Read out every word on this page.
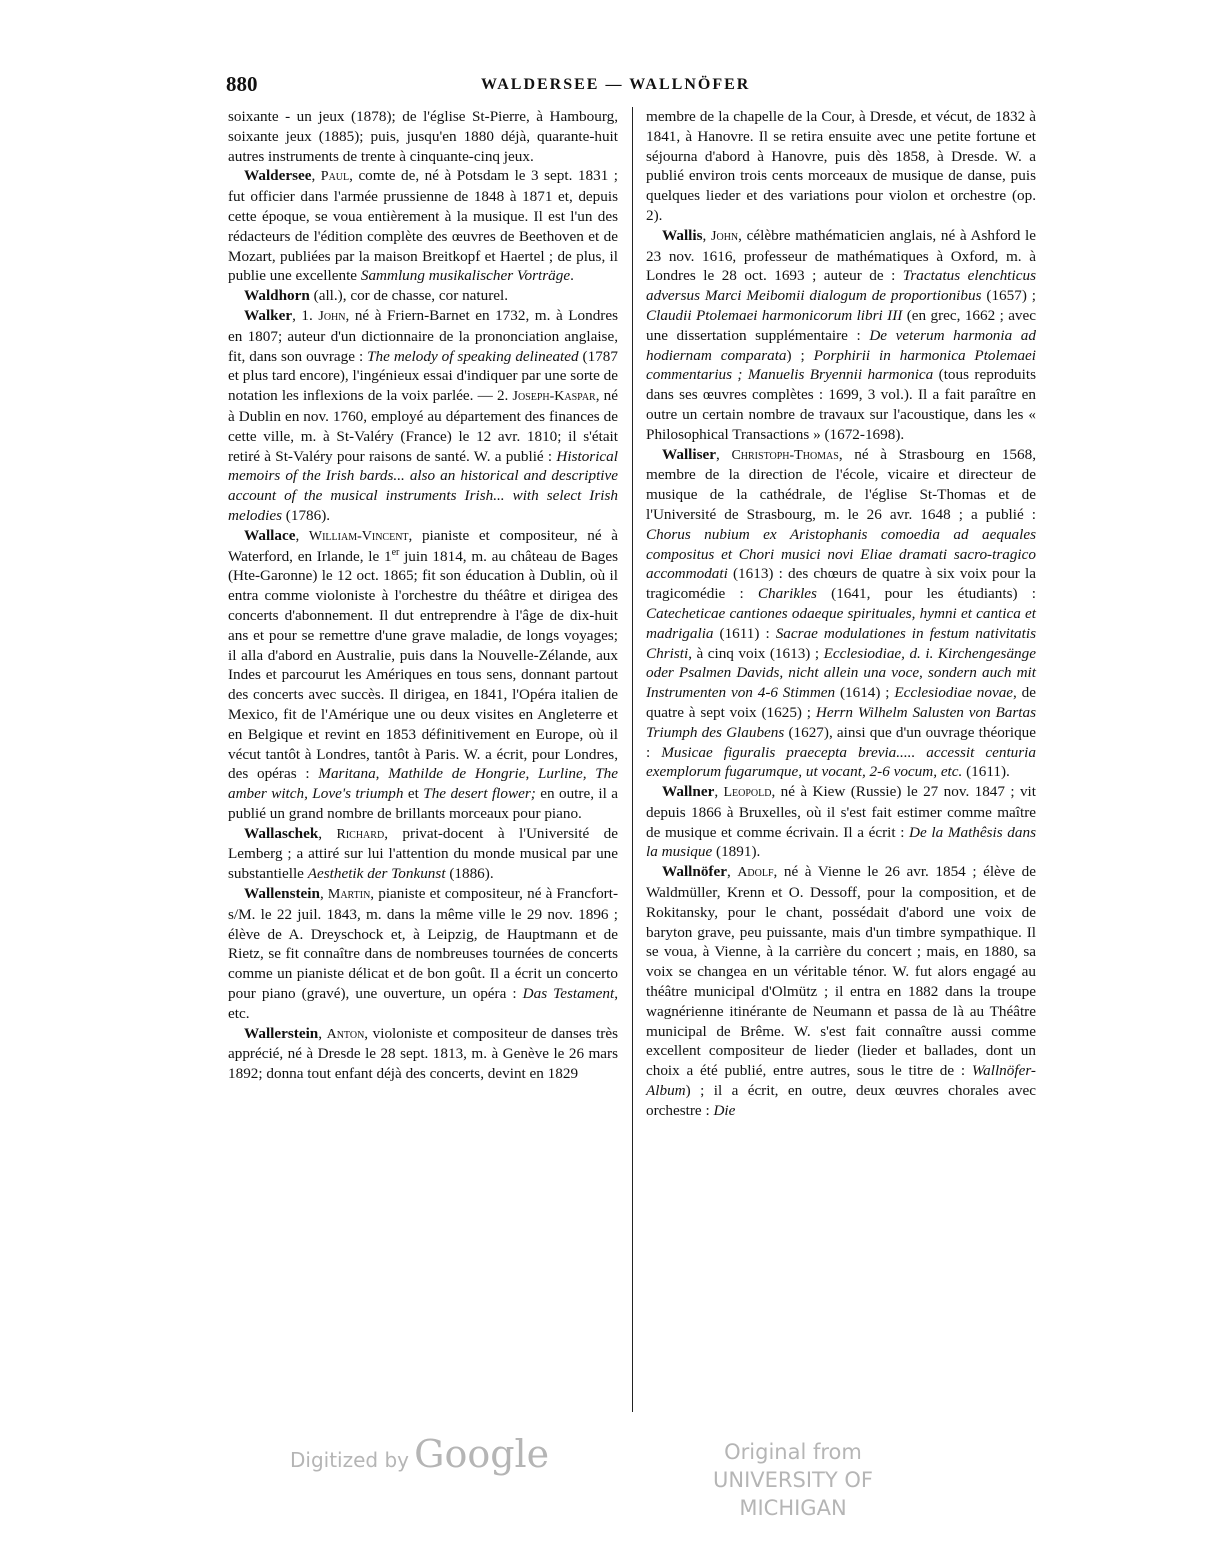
880	WALDERSEE — WALLNÖFER

soixante - un jeux (1878); de l'église St-Pierre, à Hambourg, soixante jeux (1885); puis, jusqu'en 1880 déjà, quarante-huit autres instruments de trente à cinquante-cinq jeux.

Waldersee, Paul, comte de, né à Potsdam le 3 sept. 1831 ; fut officier dans l'armée prussienne de 1848 à 1871 et, depuis cette époque, se voua entièrement à la musique. Il est l'un des rédacteurs de l'édition complète des œuvres de Beethoven et de Mozart, publiées par la maison Breitkopf et Haertel ; de plus, il publie une excellente Sammlung musikalischer Vorträge.

Waldhorn (all.), cor de chasse, cor naturel.

Walker, 1. John, né à Friern-Barnet en 1732, m. à Londres en 1807; auteur d'un dictionnaire de la prononciation anglaise, fit, dans son ouvrage : The melody of speaking delineated (1787 et plus tard encore), l'ingénieux essai d'indiquer par une sorte de notation les inflexions de la voix parlée. — 2. Joseph-Kaspar, né à Dublin en nov. 1760, employé au département des finances de cette ville, m. à St-Valéry (France) le 12 avr. 1810; il s'était retiré à St-Valéry pour raisons de santé. W. a publié : Historical memoirs of the Irish bards... also an historical and descriptive account of the musical instruments Irish... with select Irish melodies (1786).

Wallace, William-Vincent, pianiste et compositeur, né à Waterford, en Irlande, le 1er juin 1814, m. au château de Bages (Hte-Garonne) le 12 oct. 1865; fit son éducation à Dublin, où il entra comme violoniste à l'orchestre du théâtre et dirigea des concerts d'abonnement. Il dut entreprendre à l'âge de dix-huit ans et pour se remettre d'une grave maladie, de longs voyages; il alla d'abord en Australie, puis dans la Nouvelle-Zélande, aux Indes et parcourut les Amériques en tous sens, donnant partout des concerts avec succès. Il dirigea, en 1841, l'Opéra italien de Mexico, fit de l'Amérique une ou deux visites en Angleterre et en Belgique et revint en 1853 définitivement en Europe, où il vécut tantôt à Londres, tantôt à Paris. W. a écrit, pour Londres, des opéras : Maritana, Mathilde de Hongrie, Lurline, The amber witch, Love's triumph et The desert flower; en outre, il a publié un grand nombre de brillants morceaux pour piano.

Wallaschek, Richard, privat-docent à l'Université de Lemberg ; a attiré sur lui l'attention du monde musical par une substantielle Aesthetik der Tonkunst (1886).

Wallenstein, Martin, pianiste et compositeur, né à Francfort-s/M. le 22 juil. 1843, m. dans la même ville le 29 nov. 1896 ; élève de A. Dreyschock et, à Leipzig, de Hauptmann et de Rietz, se fit connaître dans de nombreuses tournées de concerts comme un pianiste délicat et de bon goût. Il a écrit un concerto pour piano (gravé), une ouverture, un opéra : Das Testament, etc.

Wallerstein, Anton, violoniste et compositeur de danses très apprécié, né à Dresde le 28 sept. 1813, m. à Genève le 26 mars 1892; donna tout enfant déjà des concerts, devint en 1829

membre de la chapelle de la Cour, à Dresde, et vécut, de 1832 à 1841, à Hanovre. Il se retira ensuite avec une petite fortune et séjourna d'abord à Hanovre, puis dès 1858, à Dresde. W. a publié environ trois cents morceaux de musique de danse, puis quelques lieder et des variations pour violon et orchestre (op. 2).

Wallis, John, célèbre mathématicien anglais, né à Ashford le 23 nov. 1616, professeur de mathématiques à Oxford, m. à Londres le 28 oct. 1693 ; auteur de : Tractatus elenchticus adversus Marci Meibomii dialogum de proportionibus (1657) ; Claudii Ptolemaei harmonicorum libri III (en grec, 1662 ; avec une dissertation supplémentaire : De veterum harmonia ad hodiernam comparata) ; Porphirii in harmonica Ptolemaei commentarius ; Manuelis Bryennii harmonica (tous reproduits dans ses œuvres complètes : 1699, 3 vol.). Il a fait paraître en outre un certain nombre de travaux sur l'acoustique, dans les « Philosophical Transactions » (1672-1698).

Walliser, Christoph-Thomas, né à Strasbourg en 1568, membre de la direction de l'école, vicaire et directeur de musique de la cathédrale, de l'église St-Thomas et de l'Université de Strasbourg, m. le 26 avr. 1648 ; a publié : Chorus nubium ex Aristophanis comoedia ad aequales compositus et Chori musici novi Eliae dramati sacro-tragico accommodati (1613) : des chœurs de quatre à six voix pour la tragicomédie : Charikles (1641, pour les étudiants) : Catecheticae cantiones odaeque spirituales, hymni et cantica et madrigalia (1611) : Sacrae modulationes in festum nativitatis Christi, à cinq voix (1613) ; Ecclesiodiae, d. i. Kirchengesänge oder Psalmen Davids, nicht allein una voce, sondern auch mit Instrumenten von 4-6 Stimmen (1614) ; Ecclesiodiae novae, de quatre à sept voix (1625) ; Herrn Wilhelm Salusten von Bartas Triumph des Glaubens (1627), ainsi que d'un ouvrage théorique : Musicae figuralis praecepta brevia..... accessit centuria exemplorum fugarumque, ut vocant, 2-6 vocum, etc. (1611).

Wallner, Leopold, né à Kiew (Russie) le 27 nov. 1847 ; vit depuis 1866 à Bruxelles, où il s'est fait estimer comme maître de musique et comme écrivain. Il a écrit : De la Mathêsis dans la musique (1891).

Wallnöfer, Adolf, né à Vienne le 26 avr. 1854 ; élève de Waldmüller, Krenn et O. Dessoff, pour la composition, et de Rokitansky, pour le chant, possédait d'abord une voix de baryton grave, peu puissante, mais d'un timbre sympathique. Il se voua, à Vienne, à la carrière du concert ; mais, en 1880, sa voix se changea en un véritable ténor. W. fut alors engagé au théâtre municipal d'Olmütz ; il entra en 1882 dans la troupe wagnérienne itinérante de Neumann et passa de là au Théâtre municipal de Brême. W. s'est fait connaître aussi comme excellent compositeur de lieder (lieder et ballades, dont un choix a été publié, entre autres, sous le titre de : Wallnöfer-Album) ; il a écrit, en outre, deux œuvres chorales avec orchestre : Die

Digitized by Google	Original from
UNIVERSITY OF MICHIGAN
